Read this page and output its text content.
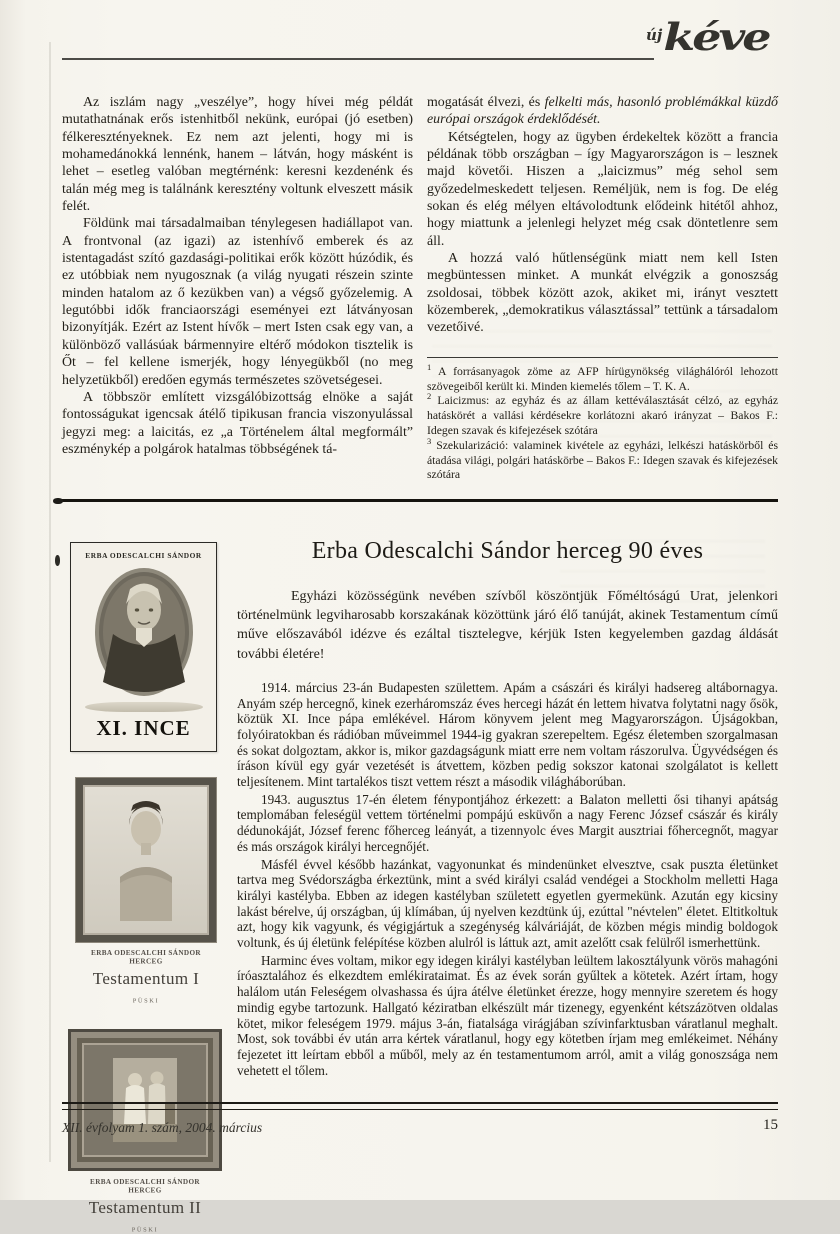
új kéve

Az iszlám nagy „veszélye”, hogy hívei még példát mutathatnának erős istenhitből nekünk, európai (jó esetben) félkeresztényeknek. Ez nem azt jelenti, hogy mi is mohamedánokká lennénk, hanem – látván, hogy másként is lehet – esetleg valóban megtérnénk: keresni kezdenénk és talán még meg is találnánk keresztény voltunk elveszett másik felét.

Földünk mai társadalmaiban ténylegesen hadiállapot van. A frontvonal (az igazi) az istenhívő emberek és az istentagadást szító gazdasági-politikai erők között húzódik, és ez utóbbiak nem nyugosznak (a világ nyugati részein szinte minden hatalom az ő kezükben van) a végső győzelemig. A legutóbbi idők franciaországi eseményei ezt látványosan bizonyítják. Ezért az Istent hívők – mert Isten csak egy van, a különböző vallásúak bármennyire eltérő módokon tisztelik is Őt – fel kellene ismerjék, hogy lényegükből (no meg helyzetükből) eredően egymás természetes szövetségesei.

A többször említett vizsgálóbizottság elnöke a saját fontosságukat igencsak átélő tipikusan francia viszonyulással jegyzi meg: a laicitás, ez „a Történelem által megformált” eszménykép a polgárok hatalmas többségének tá-

mogatását élvezi, és felkelti más, hasonló problémákkal küzdő európai országok érdeklődését.

Kétségtelen, hogy az ügyben érdekeltek között a francia példának több országban – így Magyarországon is – lesznek majd követői. Hiszen a „laicizmus” még sehol sem győzedelmeskedett teljesen. Reméljük, nem is fog. De elég sokan és elég mélyen eltávolodtunk elődeink hitétől ahhoz, hogy miattunk a jelenlegi helyzet még csak döntetlenre sem áll.

A hozzá való hűtlenségünk miatt nem kell Isten megbüntessen minket. A munkát elvégzik a gonoszság zsoldosai, többek között azok, akiket mi, irányt vesztett közemberek, „demokratikus választással” tettünk a társadalom vezetőivé.

$^1$ A forrásanyagok zöme az AFP hírügynökség világhálóról lehozott szövegeiből került ki. Minden kiemelés tőlem – T. K. A.

$^2$ Laicizmus: az egyház és az állam kettéválasztását célzó, az egyház hatáskörét a vallási kérdésekre korlátozni akaró irányzat – Bakos F.: Idegen szavak és kifejezések szótára

$^3$ Szekularizáció: valaminek kivétele az egyházi, lelkészi hatáskörből és átadása világi, polgári hatáskörbe – Bakos F.: Idegen szavak és kifejezések szótára

ERBA ODESCALCHI SÁNDOR
XI. INCE
ERBA ODESCALCHI SÁNDOR
HERCEG
Testamentum I
PÜSKI
ERBA ODESCALCHI SÁNDOR
HERCEG
Testamentum II
PÜSKI
Erba Odescalchi Sándor herceg 90 éves

Egyházi közösségünk nevében szívből köszöntjük Főméltóságú Urat, jelenkori történelmünk legviharosabb korszakának közöttünk járó élő tanúját, akinek Testamentum című műve előszavából idézve és ezáltal tisztelegve, kérjük Isten kegyelemben gazdag áldását további életére!

1914. március 23-án Budapesten születtem. Apám a császári és királyi hadsereg altábornagya. Anyám szép hercegnő, kinek ezerháromszáz éves hercegi házát én lettem hivatva folytatni nagy ősök, köztük XI. Ince pápa emlékével. Három könyvem jelent meg Magyarországon. Újságokban, folyóiratokban és rádióban műveimmel 1944-ig gyakran szerepeltem. Egész életemben szorgalmasan és sokat dolgoztam, akkor is, mikor gazdagságunk miatt erre nem voltam rászorulva. Ügyvédségen és íráson kívül egy gyár vezetését is átvettem, közben pedig sokszor katonai szolgálatot is kellett teljesítenem. Mint tartalékos tiszt vettem részt a második világháborúban.

1943. augusztus 17-én életem fénypontjához érkezett: a Balaton melletti ősi tihanyi apátság templomában feleségül vettem történelmi pompájú esküvőn a nagy Ferenc József császár és király dédunokáját, József ferenc főherceg leányát, a tizennyolc éves Margit ausztriai főhercegnőt, magyar és más országok királyi hercegnőjét.

Másfél évvel később hazánkat, vagyonunkat és mindenünket elvesztve, csak puszta életünket tartva meg Svédországba érkeztünk, mint a svéd királyi család vendégei a Stockholm melletti Haga királyi kastélyba. Ebben az idegen kastélyban született egyetlen gyermekünk. Azután egy kicsiny lakást bérelve, új országban, új klímában, új nyelven kezdtünk új, ezúttal "névtelen" életet. Eltitkoltuk azt, hogy kik vagyunk, és végigjártuk a szegénység kálváriáját, de közben mégis mindig boldogok voltunk, és új életünk felépítése közben alulról is láttuk azt, amit azelőtt csak felülről ismerhettünk.

Harminc éves voltam, mikor egy idegen királyi kastélyban leültem lakosztályunk vörös mahagóni íróasztalához és elkezdtem emlékirataimat. És az évek során gyűltek a kötetek. Azért írtam, hogy halálom után Feleségem olvashassa és újra átélve életünket érezze, hogy mennyire szeretem és hogy mindig egybe tartozunk. Hallgató kéziratban elkészült már tizenegy, egyenként kétszázötven oldalas kötet, mikor feleségem 1979. május 3-án, fiatalsága virágjában szívinfarktusban váratlanul meghalt. Most, sok további év után arra kértek váratlanul, hogy egy kötetben írjam meg emlékeimet. Néhány fejezetet itt leírtam ebből a műből, mely az én testamentumom arról, amit a világ gonoszsága nem vehetett el tőlem.

XII. évfolyam 1. szám, 2004. március	15
